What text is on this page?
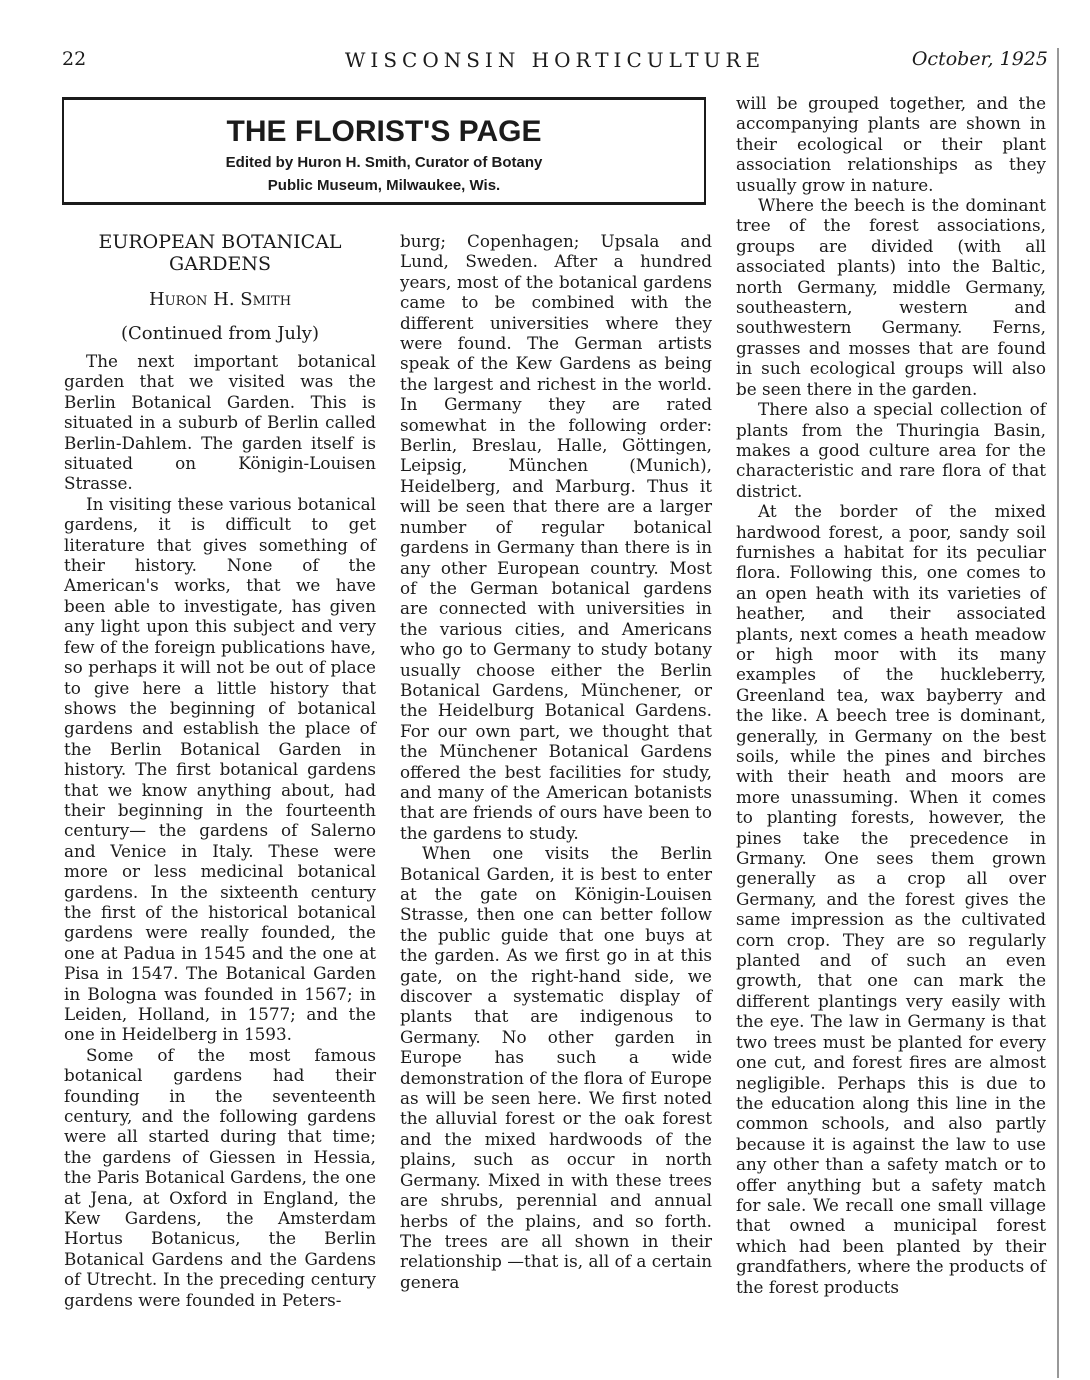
22	WISCONSIN HORTICULTURE	October, 1925
THE FLORIST'S PAGE
Edited by Huron H. Smith, Curator of Botany
Public Museum, Milwaukee, Wis.
EUROPEAN BOTANICAL GARDENS
Huron H. Smith
(Continued from July)

The next important botanical garden that we visited was the Berlin Botanical Garden. This is situated in a suburb of Berlin called Berlin-Dahlem. The garden itself is situated on Königin-Louisen Strasse.

In visiting these various botanical gardens, it is difficult to get literature that gives something of their history. None of the American's works, that we have been able to investigate, has given any light upon this subject and very few of the foreign publications have, so perhaps it will not be out of place to give here a little history that shows the beginning of botanical gardens and establish the place of the Berlin Botanical Garden in history. The first botanical gardens that we know anything about, had their beginning in the fourteenth century— the gardens of Salerno and Venice in Italy. These were more or less medicinal botanical gardens. In the sixteenth century the first of the historical botanical gardens were really founded, the one at Padua in 1545 and the one at Pisa in 1547. The Botanical Garden in Bologna was founded in 1567; in Leiden, Holland, in 1577; and the one in Heidelberg in 1593.

Some of the most famous botanical gardens had their founding in the seventeenth century, and the following gardens were all started during that time; the gardens of Giessen in Hessia, the Paris Botanical Gardens, the one at Jena, at Oxford in England, the Kew Gardens, the Amsterdam Hortus Botanicus, the Berlin Botanical Gardens and the Gardens of Utrecht. In the preceding century gardens were founded in Peters-

burg; Copenhagen; Upsala and Lund, Sweden. After a hundred years, most of the botanical gardens came to be combined with the different universities where they were found. The German artists speak of the Kew Gardens as being the largest and richest in the world. In Germany they are rated somewhat in the following order: Berlin, Breslau, Halle, Göttingen, Leipsig, München (Munich), Heidelberg, and Marburg. Thus it will be seen that there are a larger number of regular botanical gardens in Germany than there is in any other European country. Most of the German botanical gardens are connected with universities in the various cities, and Americans who go to Germany to study botany usually choose either the Berlin Botanical Gardens, Münchener, or the Heidelburg Botanical Gardens. For our own part, we thought that the Münchener Botanical Gardens offered the best facilities for study, and many of the American botanists that are friends of ours have been to the gardens to study.

When one visits the Berlin Botanical Garden, it is best to enter at the gate on Königin-Louisen Strasse, then one can better follow the public guide that one buys at the garden. As we first go in at this gate, on the right-hand side, we discover a systematic display of plants that are indigenous to Germany. No other garden in Europe has such a wide demonstration of the flora of Europe as will be seen here. We first noted the alluvial forest or the oak forest and the mixed hardwoods of the plains, such as occur in north Germany. Mixed in with these trees are shrubs, perennial and annual herbs of the plains, and so forth. The trees are all shown in their relationship —that is, all of a certain genera

will be grouped together, and the accompanying plants are shown in their ecological or their plant association relationships as they usually grow in nature.

Where the beech is the dominant tree of the forest associations, groups are divided (with all associated plants) into the Baltic, north Germany, middle Germany, southeastern, western and southwestern Germany. Ferns, grasses and mosses that are found in such ecological groups will also be seen there in the garden.

There also a special collection of plants from the Thuringia Basin, makes a good culture area for the characteristic and rare flora of that district.

At the border of the mixed hardwood forest, a poor, sandy soil furnishes a habitat for its peculiar flora. Following this, one comes to an open heath with its varieties of heather, and their associated plants, next comes a heath meadow or high moor with its many examples of the huckleberry, Greenland tea, wax bayberry and the like. A beech tree is dominant, generally, in Germany on the best soils, while the pines and birches with their heath and moors are more unassuming. When it comes to planting forests, however, the pines take the precedence in Grmany. One sees them grown generally as a crop all over Germany, and the forest gives the same impression as the cultivated corn crop. They are so regularly planted and of such an even growth, that one can mark the different plantings very easily with the eye. The law in Germany is that two trees must be planted for every one cut, and forest fires are almost negligible. Perhaps this is due to the education along this line in the common schools, and also partly because it is against the law to use any other than a safety match or to offer anything but a safety match for sale. We recall one small village that owned a municipal forest which had been planted by their grandfathers, where the products of the forest products
